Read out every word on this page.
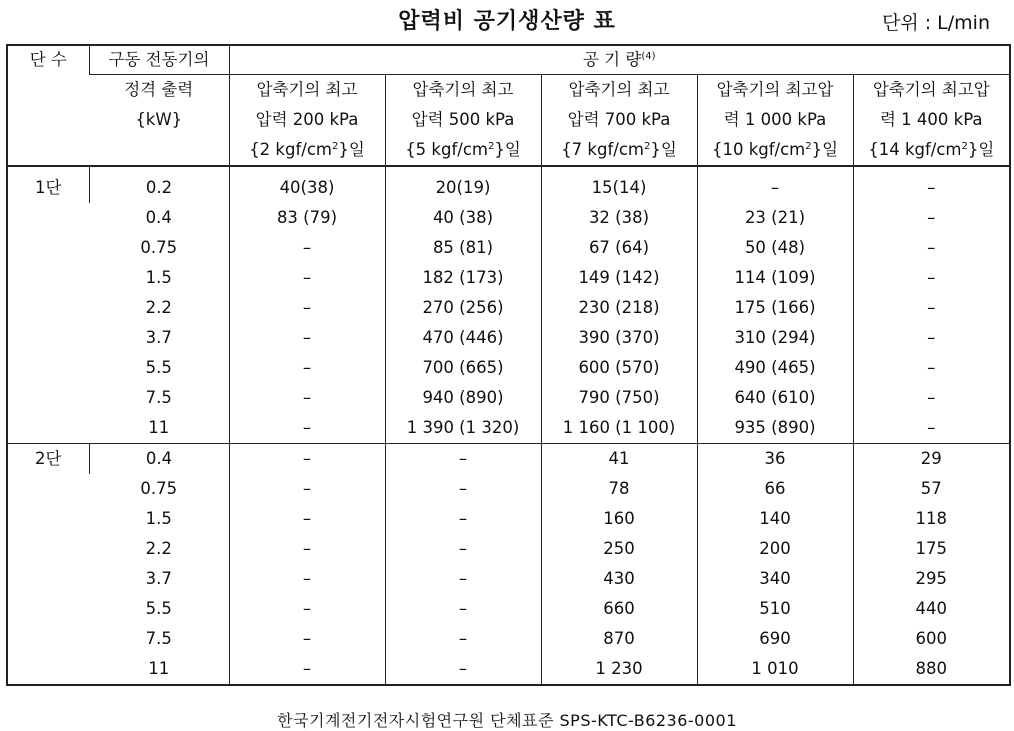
압력비 공기생산량 표	단위 : L/min
단 수	구동 전동기의	공 기 량$^{(4)}$
	정격 출력	압축기의 최고	압축기의 최고	압축기의 최고	압축기의 최고압	압축기의 최고압
	{kW}	압력 200 kPa	압력 500 kPa	압력 700 kPa	력 1 000 kPa	력 1 400 kPa
		{2 kgf/$cm^2$}일	{5 kgf/$cm^2$}일	{7 kgf/$cm^2$}일	{10 kgf/$cm^2$}일	{14 kgf/$cm^2$}일
1단	0.2	40(38)	20(19)	15(14)	–	–
	0.4	83 (79)	40 (38)	32 (38)	23 (21)	–
	0.75	–	85 (81)	67 (64)	50 (48)	–
	1.5	–	182 (173)	149 (142)	114 (109)	–
	2.2	–	270 (256)	230 (218)	175 (166)	–
	3.7	–	470 (446)	390 (370)	310 (294)	–
	5.5	–	700 (665)	600 (570)	490 (465)	–
	7.5	–	940 (890)	790 (750)	640 (610)	–
	11	–	1 390 (1 320)	1 160 (1 100)	935 (890)	–
2단	0.4	–	–	41	36	29
	0.75	–	–	78	66	57
	1.5	–	–	160	140	118
	2.2	–	–	250	200	175
	3.7	–	–	430	340	295
	5.5	–	–	660	510	440
	7.5	–	–	870	690	600
	11	–	–	1 230	1 010	880
한국기계전기전자시험연구원 단체표준 SPS-KTC-B6236-0001
